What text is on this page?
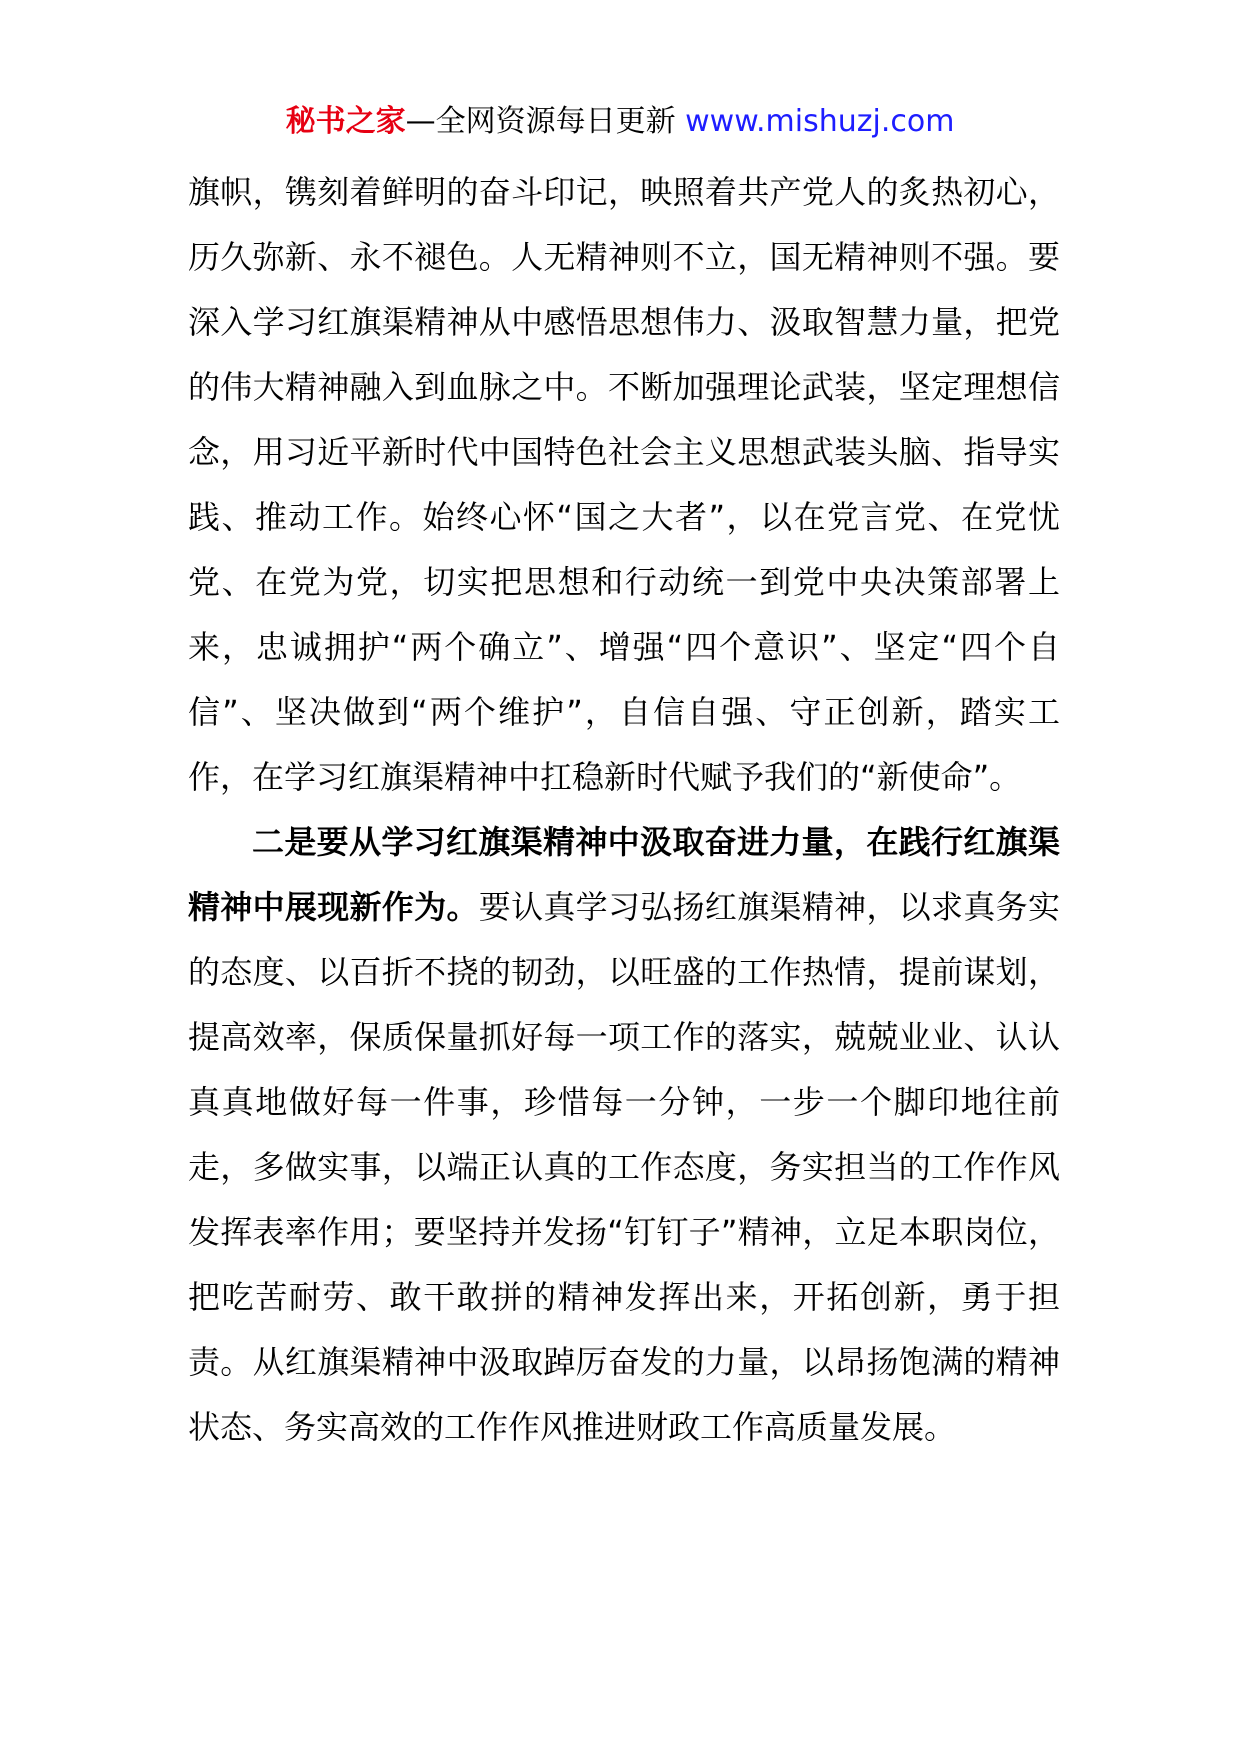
秘书之家—全网资源每日更新 www.mishuzj.com

旗帜，镌刻着鲜明的奋斗印记，映照着共产党人的炙热初心，历久弥新、永不褪色。人无精神则不立，国无精神则不强。要深入学习红旗渠精神从中感悟思想伟力、汲取智慧力量，把党的伟大精神融入到血脉之中。不断加强理论武装，坚定理想信念，用习近平新时代中国特色社会主义思想武装头脑、指导实践、推动工作。始终心怀“国之大者”，以在党言党、在党忧党、在党为党，切实把思想和行动统一到党中央决策部署上来，忠诚拥护“两个确立”、增强“四个意识”、坚定“四个自信”、坚决做到“两个维护”，自信自强、守正创新，踏实工作，在学习红旗渠精神中扛稳新时代赋予我们的“新使命”。

二是要从学习红旗渠精神中汲取奋进力量，在践行红旗渠精神中展现新作为。要认真学习弘扬红旗渠精神，以求真务实的态度、以百折不挠的韧劲，以旺盛的工作热情，提前谋划，提高效率，保质保量抓好每一项工作的落实，兢兢业业、认认真真地做好每一件事，珍惜每一分钟，一步一个脚印地往前走，多做实事，以端正认真的工作态度，务实担当的工作作风发挥表率作用；要坚持并发扬“钉钉子”精神，立足本职岗位，把吃苦耐劳、敢干敢拼的精神发挥出来，开拓创新，勇于担责。从红旗渠精神中汲取踔厉奋发的力量，以昂扬饱满的精神状态、务实高效的工作作风推进财政工作高质量发展。
